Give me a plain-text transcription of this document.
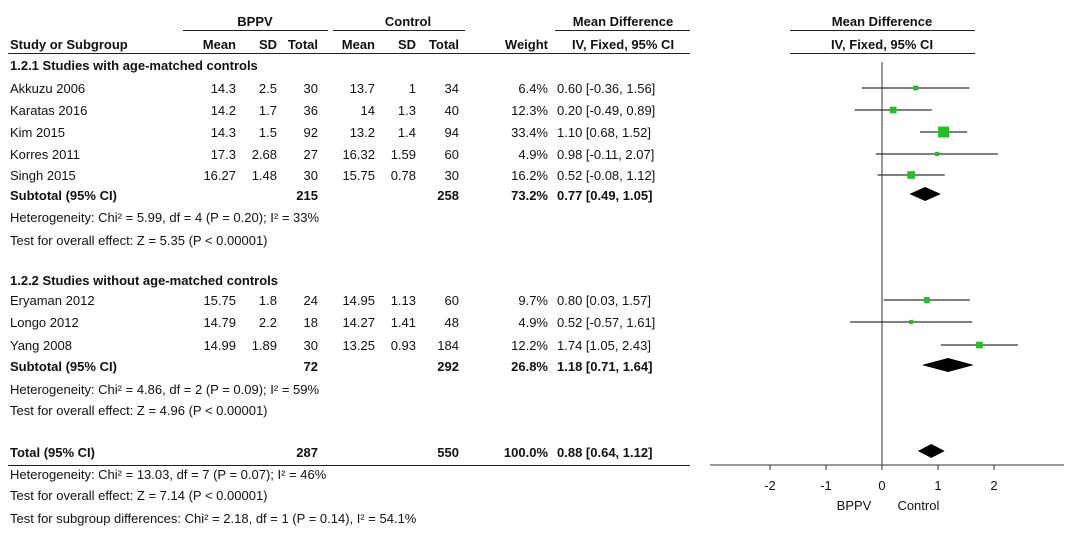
BPPV	Control	Mean Difference	Mean Difference
Study or Subgroup	Mean SD Total Mean SD Total	Weight	IV, Fixed, 95% CI	IV, Fixed, 95% CI
1.2.1 Studies with age-matched controls
Akkuzu 2006	14.3 2.5 30 13.7	1 34	6.4% 0.60 [-0.36, 1.56]
Karatas 2016	14.2 1.7 36	14 1.3 40	12.3% 0.20 [-0.49, 0.89]
Kim 2015	14.3 1.5 92 13.2 1.4 94	33.4% 1.10 [0.68, 1.52]
Korres 2011	17.3 2.68 27 16.32 1.59 60	4.9% 0.98 [-0.11, 2.07]
Singh 2015	16.27 1.48 30 15.75 0.78 30	16.2% 0.52 [-0.08, 1.12]
Subtotal (95% CI)	215	258	73.2% 0.77 [0.49, 1.05]
Heterogeneity: Chi² = 5.99, df = 4 (P = 0.20); I² = 33%
Test for overall effect: Z = 5.35 (P < 0.00001)
1.2.2 Studies without age-matched controls
Eryaman 2012	15.75 1.8 24 14.95 1.13 60	9.7% 0.80 [0.03, 1.57]
Longo 2012	14.79 2.2 18 14.27 1.41 48	4.9% 0.52 [-0.57, 1.61]
Yang 2008	14.99 1.89 30 13.25 0.93 184	12.2% 1.74 [1.05, 2.43]
Subtotal (95% CI)	72	292	26.8% 1.18 [0.71, 1.64]
Heterogeneity: Chi² = 4.86, df = 2 (P = 0.09); I² = 59%
Test for overall effect: Z = 4.96 (P < 0.00001)
Total (95% CI)	287	550	100.0% 0.88 [0.64, 1.12]
Heterogeneity: Chi² = 13.03, df = 7 (P = 0.07); I² = 46%
Test for overall effect: Z = 7.14 (P < 0.00001)
Test for subgroup differences: Chi² = 2.18, df = 1 (P = 0.14), I² = 54.1%
-2	-1	0	1	2
BPPV Control
